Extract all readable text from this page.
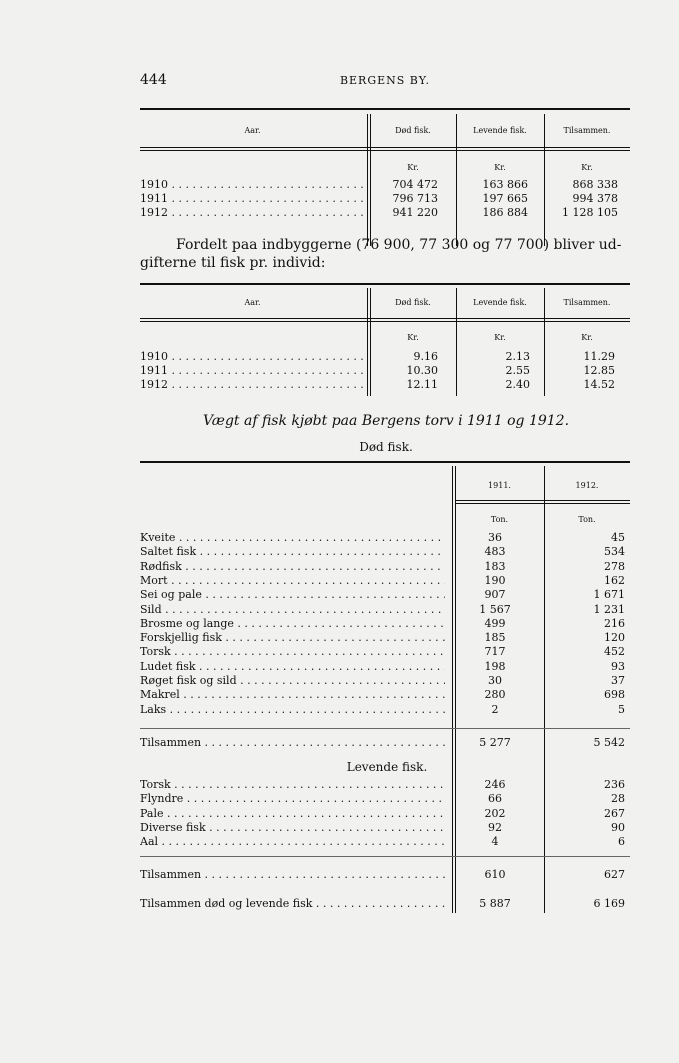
444	BERGENS BY.
Aar.	Død fisk.	Levende fisk.	Tilsammen.
Kr.	Kr.	Kr.
1910 . . .	704 472	163 866	868 338
1911 . . .	796 713	197 665	994 378
1912 . . .	941 220	186 884	1 128 105
Fordelt paa indbyggerne (76 900, 77 300 og 77 700) bliver ud-
gifterne til fisk pr. individ:
Aar.	Død fisk.	Levende fisk.	Tilsammen.
Kr.	Kr.	Kr.
1910 . . .	9.16	2.13	11.29
1911 . . .	10.30	2.55	12.85
1912 . . .	12.11	2.40	14.52
Vægt af fisk kjøbt paa Bergens torv i 1911 og 1912.
Død fisk.
1911.	1912.
Ton.	Ton.
Kveite . . .	36	45
Saltet fisk . . .	483	534
Rødfisk . . .	183	278
Mort . . .	190	162
Sei og pale . . .	907	1 671
Sild . . .	1 567	1 231
Brosme og lange . . .	499	216
Forskjellig fisk . . .	185	120
Torsk . . .	717	452
Ludet fisk . . .	198	93
Røget fisk og sild . . .	30	37
Makrel . . .	280	698
Laks . . .	2	5
Tilsammen . . .	5 277	5 542
Levende fisk.
Torsk . . .	246	236
Flyndre . . .	66	28
Pale . . .	202	267
Diverse fisk . . .	92	90
Aal . . .	4	6
Tilsammen . . .	610	627
Tilsammen død og levende fisk . . .	5 887	6 169
